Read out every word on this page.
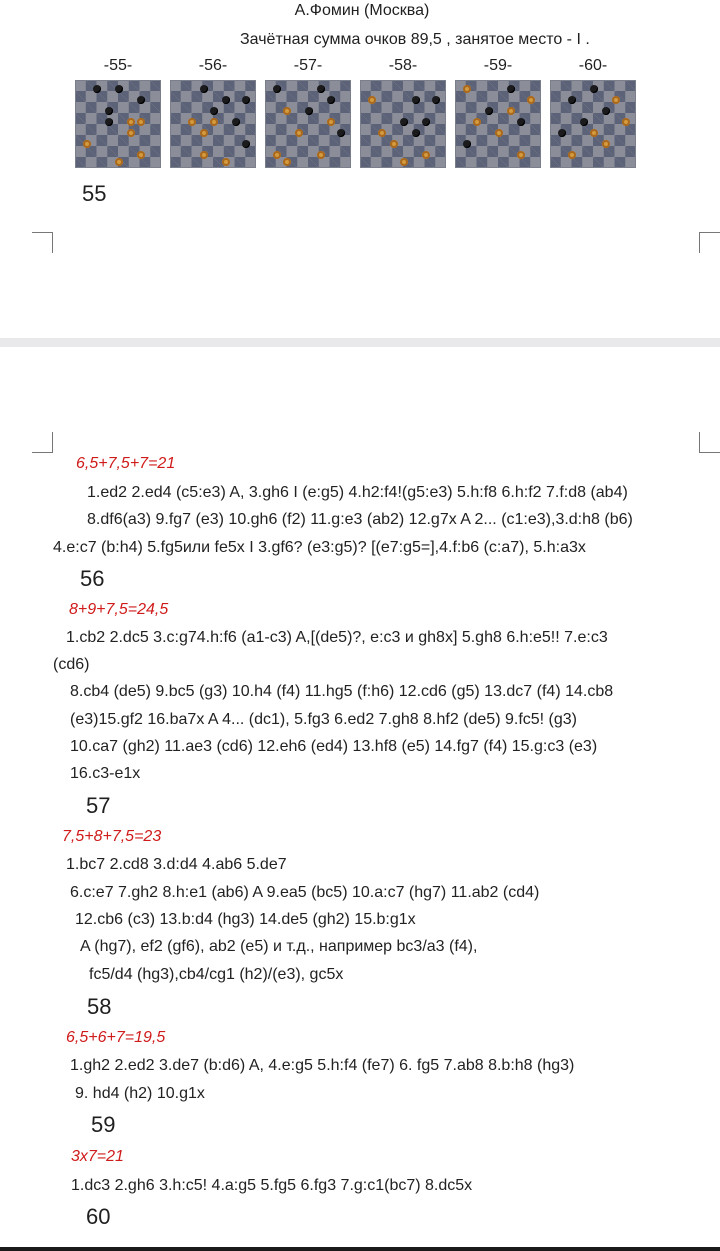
А.Фомин (Москва)
Зачётная сумма очков 89,5 , занятое место - I .
-55-	-56-	-57-	-58-	-59-	-60-
55
6,5+7,5+7=21
1.ed2 2.ed4 (c5:e3) A, 3.gh6 I (e:g5) 4.h2:f4!(g5:e3) 5.h:f8 6.h:f2 7.f:d8 (ab4)
8.df6(a3) 9.fg7 (e3) 10.gh6 (f2) 11.g:e3 (ab2) 12.g7x A 2... (c1:e3),3.d:h8 (b6)
4.e:c7 (b:h4) 5.fg5или fe5x I 3.gf6? (e3:g5)? [(e7:g5=],4.f:b6 (c:a7), 5.h:a3x
56
8+9+7,5=24,5
1.cb2 2.dc5 3.c:g74.h:f6 (a1-c3) A,[(de5)?, e:c3 и gh8x] 5.gh8 6.h:e5!! 7.e:c3
(cd6)
8.cb4 (de5) 9.bc5 (g3) 10.h4 (f4) 11.hg5 (f:h6) 12.cd6 (g5) 13.dc7 (f4) 14.cb8
(e3)15.gf2 16.ba7x A 4... (dc1), 5.fg3 6.ed2 7.gh8 8.hf2 (de5) 9.fc5! (g3)
10.ca7 (gh2) 11.ae3 (cd6) 12.eh6 (ed4) 13.hf8 (e5) 14.fg7 (f4) 15.g:c3 (e3)
16.c3-e1x
57
7,5+8+7,5=23
1.bc7 2.cd8 3.d:d4 4.ab6 5.de7
6.c:e7 7.gh2 8.h:e1 (ab6) A 9.ea5 (bc5) 10.a:c7 (hg7) 11.ab2 (cd4)
12.cb6 (c3) 13.b:d4 (hg3) 14.de5 (gh2) 15.b:g1x
A (hg7), ef2 (gf6), ab2 (e5) и т.д., например bc3/a3 (f4),
fc5/d4 (hg3),cb4/cg1 (h2)/(e3), gc5x
58
6,5+6+7=19,5
1.gh2 2.ed2 3.de7 (b:d6) A, 4.e:g5 5.h:f4 (fe7) 6. fg5 7.ab8 8.b:h8 (hg3)
9. hd4 (h2) 10.g1x
59
3x7=21
1.dc3 2.gh6 3.h:c5! 4.a:g5 5.fg5 6.fg3 7.g:c1(bc7) 8.dc5x
60
